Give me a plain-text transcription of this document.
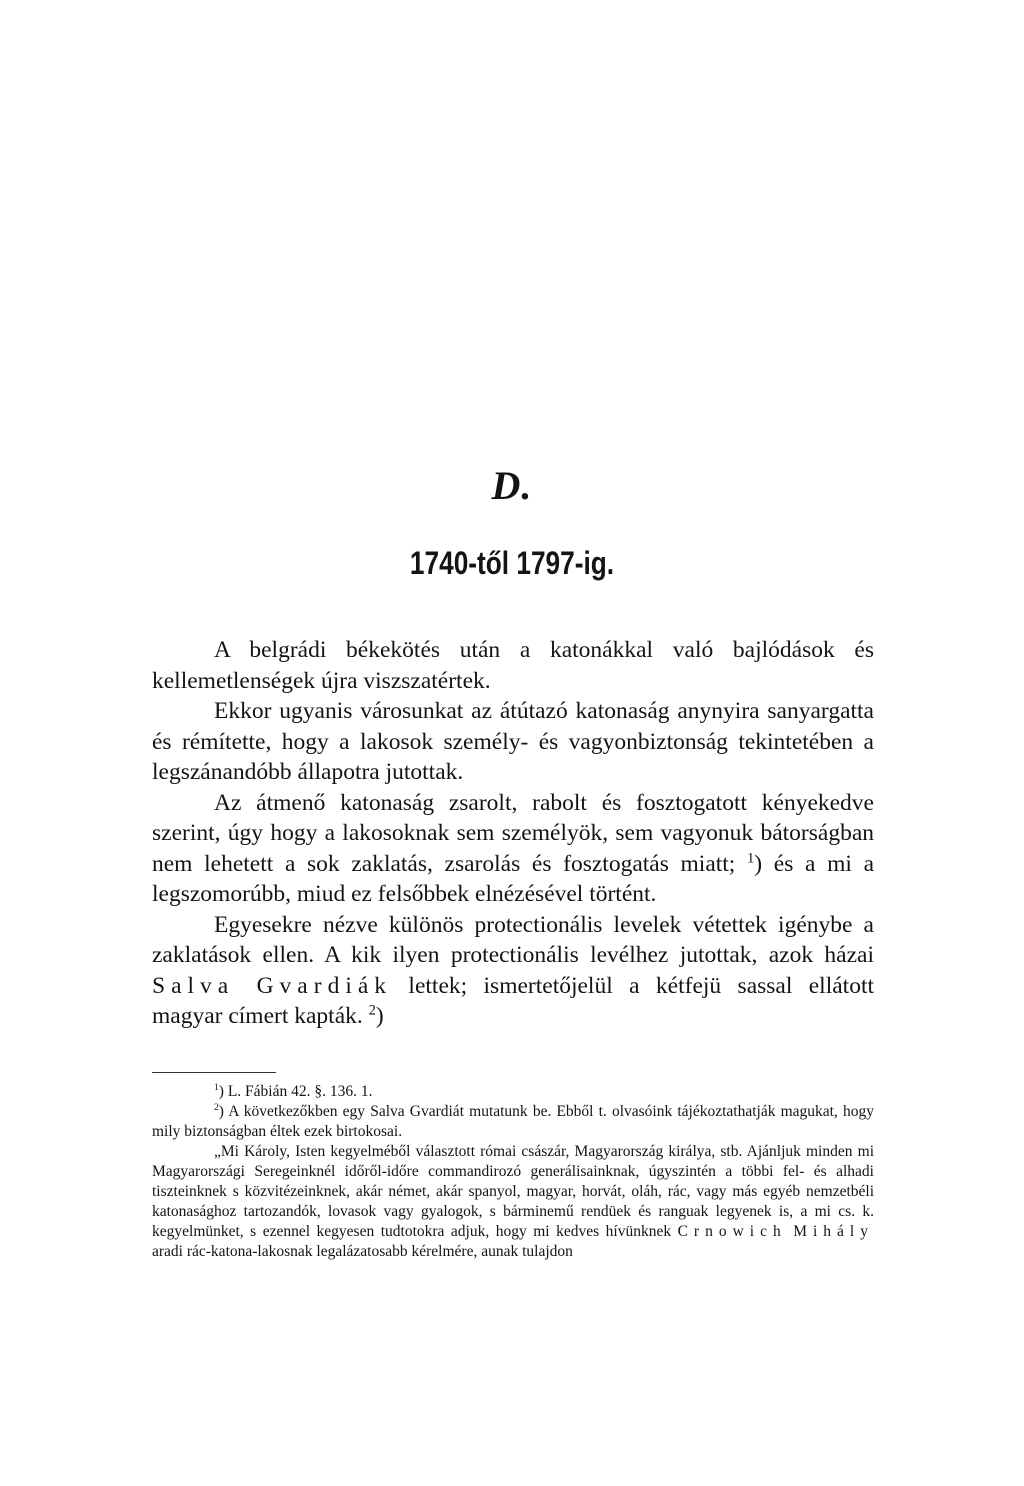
D.
1740-től 1797-ig.

A belgrádi békekötés után a katonákkal való bajlódások és kellemetlenségek újra viszszatértek.

Ekkor ugyanis városunkat az átútazó katonaság anynyira sanyargatta és rémítette, hogy a lakosok személy- és vagyonbiztonság tekintetében a legszánandóbb állapotra jutottak.

Az átmenő katonaság zsarolt, rabolt és fosztogatott kényekedve szerint, úgy hogy a lakosoknak sem személyök, sem vagyonuk bátorságban nem lehetett a sok zaklatás, zsarolás és fosztogatás miatt; $^1$) és a mi a legszomorúbb, miud ez felsőbbek elnézésével történt.

Egyesekre nézve különös protectionális levelek vétettek igénybe a zaklatások ellen. A kik ilyen protectionális levélhez jutottak, azok házai Salva Gvardiák lettek; ismertetőjelül a kétfejü sassal ellátott magyar címert kapták. $^2$)

$^1$) L. Fábián 42. §. 136. 1.

$^2$) A következőkben egy Salva Gvardiát mutatunk be. Ebből t. olvasóink tájékoztathatják magukat, hogy mily biztonságban éltek ezek birtokosai.

„Mi Károly, Isten kegyelméből választott római császár, Magyarország királya, stb. Ajánljuk minden mi Magyarországi Seregeinknél időről-időre commandirozó generálisainknak, úgyszintén a többi fel- és alhadi tiszteinknek s közvitézeinknek, akár német, akár spanyol, magyar, horvát, oláh, rác, vagy más egyéb nemzetbéli katonasághoz tartozandók, lovasok vagy gyalogok, s bárminemű rendüek és ranguak legyenek is, a mi cs. k. kegyelmünket, s ezennel kegyesen tudtotokra adjuk, hogy mi kedves hívünknek Crnowich Mihály aradi rác-katona-lakosnak legalázatosabb kérelmére, aunak tulajdon
